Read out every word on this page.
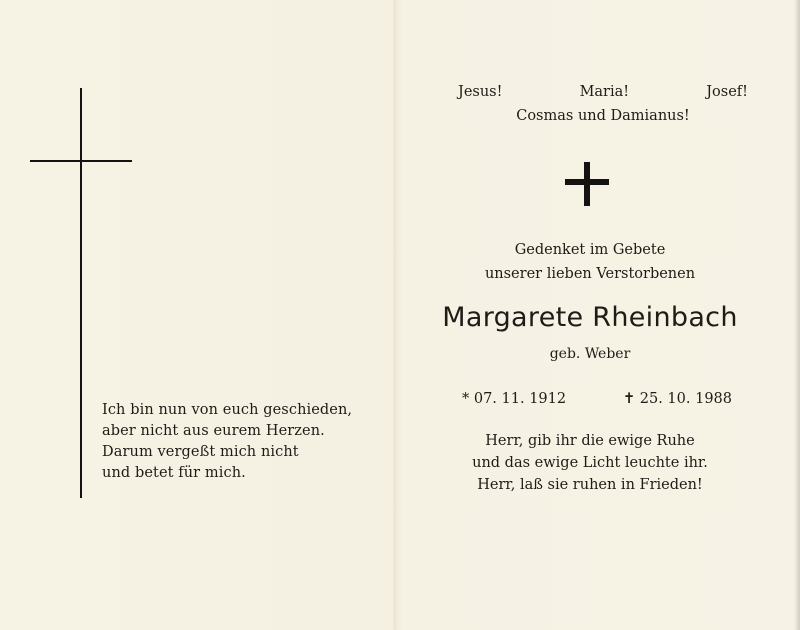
Ich bin nun von euch geschieden,
aber nicht aus eurem Herzen.
Darum vergeßt mich nicht
und betet für mich.
Jesus!	Maria!	Josef!
Cosmas und Damianus!
Gedenket im Gebete
unserer lieben Verstorbenen
Margarete Rheinbach
geb. Weber
* 07. 11. 1912	✝ 25. 10. 1988
Herr, gib ihr die ewige Ruhe
und das ewige Licht leuchte ihr.
Herr, laß sie ruhen in Frieden!
